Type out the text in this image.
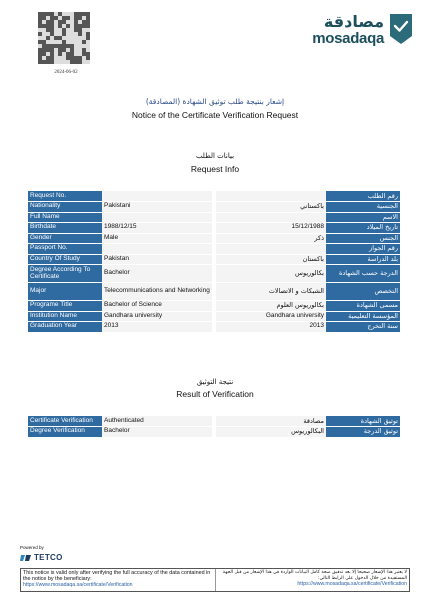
2024-06-02
مصادقة
mosadaqa
إشعار بنتيجة طلب توثيق الشهادة (المصادقة)
Notice of the Certificate Verification Request
بيانات الطلب
Request Info
Request No.				رقم الطلب
Nationality	Pakistani		باكستاني	الجنسية
Full Name				الاسم
Birthdate	1988/12/15		15/12/1988	تاريخ الميلاد
Gender	Male		ذكر	الجنس
Passport No.				رقم الجواز
Country Of Study	Pakistan		باكستان	بلد الدراسة
Degree According To Certificate	Bachelor		بكالوريوس	الدرجة حسب الشهادة
Major	Telecommunications and Networking		الشبكات و الاتصالات	التخصص
Programe Title	Bachelor of Science		بكالوريوس العلوم	مسمى الشهادة
Institution Name	Gandhara university		Gandhara university	المؤسسة التعليمية
Graduation Year	2013		2013	سنة التخرج
نتيجة التوثيق
Result of Verification
Certificate Verification	Authenticated		مصادقة	توثيق الشهادة
Degree Verification	Bachelor		البكالوريوس	توثيق الدرجة
Powered by
TETCO
This notice is valid only after verifying the full accuracy of the data contained in the notice by the beneficiary:
https://www.mosadaqa.sa/certificate/Verification
لا يعتبر هذا الإشعار صحيحا إلا بعد تدقيق صحة كامل البيانات الواردة في هذا الإشعار من قبل الجهة المستفيدة من خلال الدخول على الرابط التالي:
https://www.mosadaqa.sa/certificate/Verification
